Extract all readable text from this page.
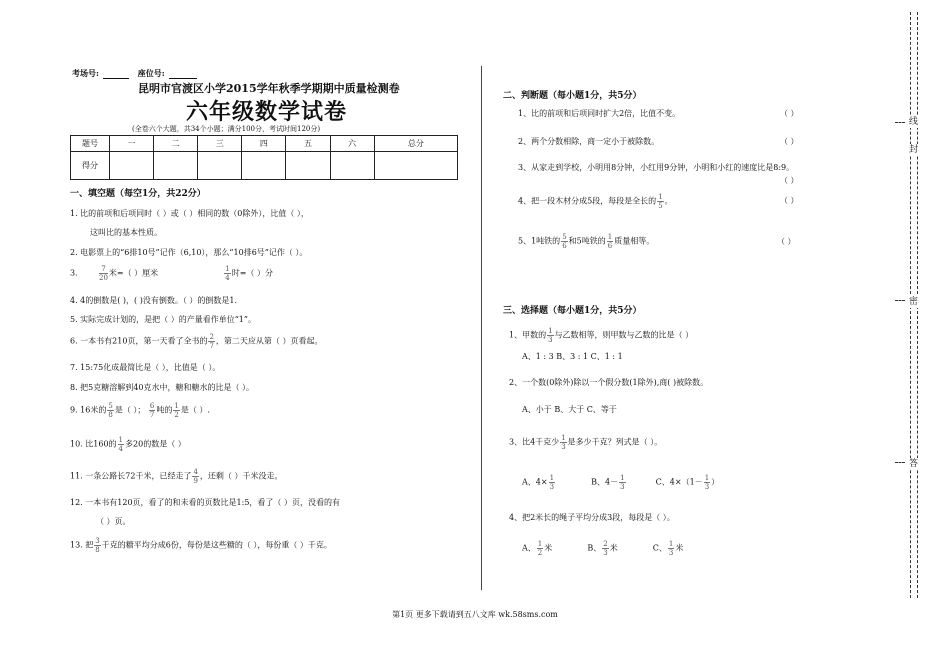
考场号:	座位号:
昆明市官渡区小学2015学年秋季学期期中质量检测卷
六年级数学试卷
(全卷六个大题，共34个小题；满分100分，考试时间120分)
题号	一	二	三	四	五	六	总分
得分							
一、填空题（每空1分，共22分）
1. 比的前项和后项同时（ ）或（ ）相同的数（0除外），比值（ ），
这叫比的基本性质。
2. 电影票上的“6排10号”记作（6,10），那么“10排6号”记作（ ）。
3.	$\frac{7}{20}$ 米=（ ）厘米	$\frac{1}{4}$ 时=（ ）分
4. 4的倒数是( )，( )没有倒数。（ ）的倒数是1.
5. 实际完成计划的，是把（ ）的产量看作单位“1”。
6. 一本书有210页，第一天看了全书的 $\frac{2}{7}$ ，第二天应从第（ ）页看起。
7. 15:75化成最简比是（ ），比值是（ ）。
8. 把5克糖溶解到40克水中，糖和糖水的比是（ ）。
9. 16米的 $\frac{5}{8}$ 是（ ）； $\frac{6}{7}$ 吨的 $\frac{1}{2}$ 是（ ）.
10. 比160的 $\frac{1}{4}$ 多20的数是（ ）
11. 一条公路长72千米，已经走了 $\frac{4}{9}$ ，还剩（ ）千米没走。
12. 一本书有120页，看了的和未看的页数比是1:5，看了（ ）页，没看的有
（ ）页。
13. 把 $\frac{3}{8}$ 千克的糖平均分成6份，每份是这些糖的（ ），每份重（ ）千克。
二、判断题（每小题1分，共5分）
1、比的前项和后项同时扩大2倍，比值不变。	（ ）
2、两个分数相除，商一定小于被除数。	（ ）
3、从家走到学校，小明用8分钟，小红用9分钟，小明和小红的速度比是8:9。
（ ）
4、把一段木材分成5段，每段是全长的 $\frac{1}{5}$ 。	（ ）
5、1吨铁的 $\frac{5}{6}$ 和5吨铁的 $\frac{1}{6}$ 质量相等。	（ ）
三、选择题（每小题1分，共5分）
1、甲数的 $\frac{1}{3}$ 与乙数相等，则甲数与乙数的比是（ ）
A、1 : 3 B、3 : 1 C、1 : 1
2、一个数(0除外)除以一个假分数(1除外),商( )被除数。
A、小于 B、大于 C、等于
3、比4千克少 $\frac{1}{3}$ 是多少千克？列式是（ ）。
A、$4\times \frac{1}{3}$	B、$4- \frac{1}{3}$	C、$4\times(1- \frac{1}{3}$ ）
4、把2米长的绳子平均分成3段，每段是（ ）。
A、 $\frac{1}{2}$ 米	B、 $\frac{2}{3}$ 米	C、 $\frac{1}{3}$ 米
第1页 更多下载请到五八文库 wk.58sms.com
线
封
密
答
